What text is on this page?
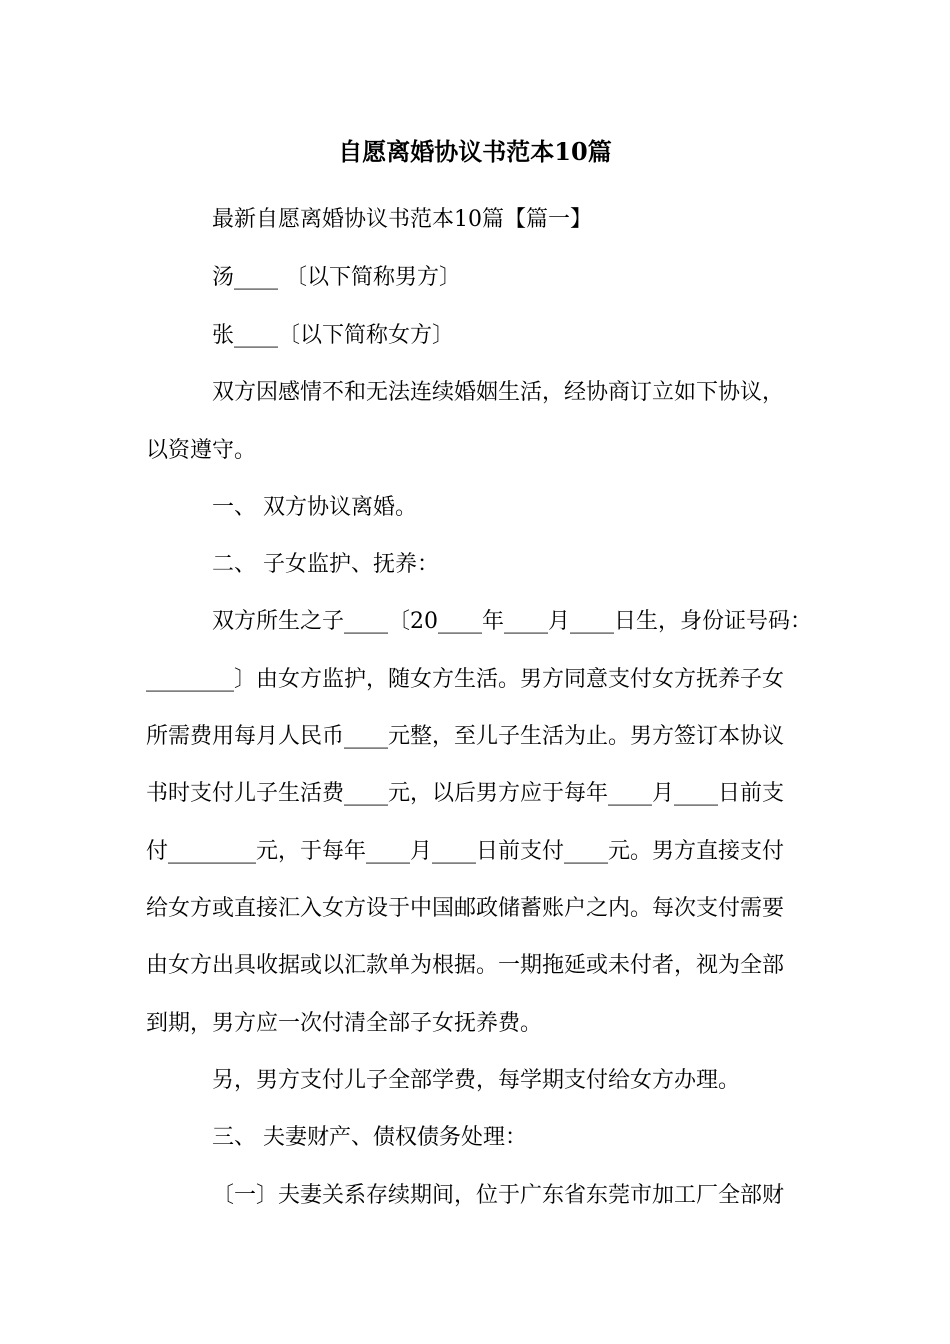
自愿离婚协议书范本10篇
最新自愿离婚协议书范本10篇【篇一】
汤____ 〔以下简称男方〕
张____〔以下简称女方〕
双方因感情不和无法连续婚姻生活，经协商订立如下协议，
以资遵守。
一、 双方协议离婚。
二、 子女监护、抚养：
双方所生之子____〔20____年____月____日生，身份证号码：
________〕由女方监护，随女方生活。男方同意支付女方抚养子女
所需费用每月人民币____元整，至儿子生活为止。男方签订本协议
书时支付儿子生活费____元，以后男方应于每年____月____日前支
付________元，于每年____月____日前支付____元。男方直接支付
给女方或直接汇入女方设于中国邮政储蓄账户之内。每次支付需要
由女方出具收据或以汇款单为根据。一期拖延或未付者，视为全部
到期，男方应一次付清全部子女抚养费。
另，男方支付儿子全部学费，每学期支付给女方办理。
三、 夫妻财产、债权债务处理：
〔一〕夫妻关系存续期间，位于广东省东莞市加工厂全部财
